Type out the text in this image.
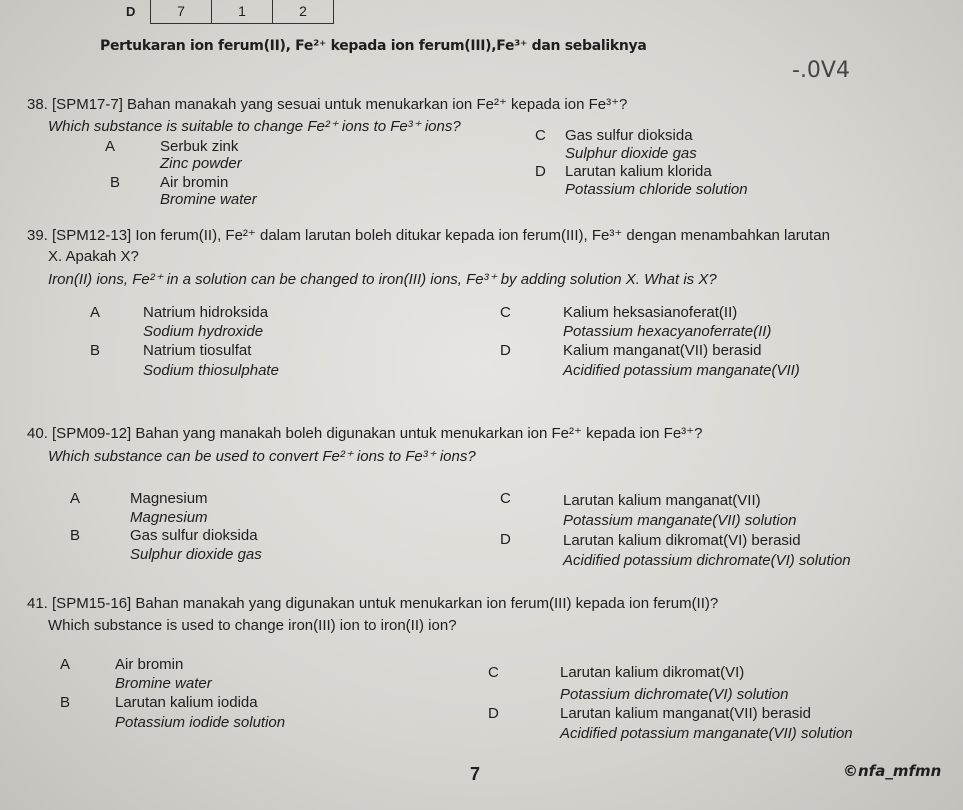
D	7	1	2
Pertukaran ion ferum(II), Fe²⁺ kepada ion ferum(III),Fe³⁺ dan sebaliknya
-.0V4
38. [SPM17-7] Bahan manakah yang sesuai untuk menukarkan ion Fe²⁺ kepada ion Fe³⁺?
Which substance is suitable to change Fe²⁺ ions to Fe³⁺ ions?
A	Serbuk zink
Zinc powder
B	Air bromin
Bromine water
C Gas sulfur dioksida
Sulphur dioxide gas
D Larutan kalium klorida
Potassium chloride solution
39. [SPM12-13] Ion ferum(II), Fe²⁺ dalam larutan boleh ditukar kepada ion ferum(III), Fe³⁺ dengan menambahkan larutan
X. Apakah X?
Iron(II) ions, Fe²⁺ in a solution can be changed to iron(III) ions, Fe³⁺ by adding solution X. What is X?
A	Natrium hidroksida
Sodium hydroxide
B	Natrium tiosulfat
Sodium thiosulphate
C	Kalium heksasianoferat(II)
Potassium hexacyanoferrate(II)
D	Kalium manganat(VII) berasid
Acidified potassium manganate(VII)
40. [SPM09-12] Bahan yang manakah boleh digunakan untuk menukarkan ion Fe²⁺ kepada ion Fe³⁺?
Which substance can be used to convert Fe²⁺ ions to Fe³⁺ ions?
A	Magnesium
Magnesium
B	Gas sulfur dioksida
Sulphur dioxide gas
C	Larutan kalium manganat(VII)
Potassium manganate(VII) solution
D	Larutan kalium dikromat(VI) berasid
Acidified potassium dichromate(VI) solution
41. [SPM15-16] Bahan manakah yang digunakan untuk menukarkan ion ferum(III) kepada ion ferum(II)?
Which substance is used to change iron(III) ion to iron(II) ion?
A	Air bromin
Bromine water
B	Larutan kalium iodida
Potassium iodide solution
C	Larutan kalium dikromat(VI)
Potassium dichromate(VI) solution
D	Larutan kalium manganat(VII) berasid
Acidified potassium manganate(VII) solution
7	©nfa_mfmn
